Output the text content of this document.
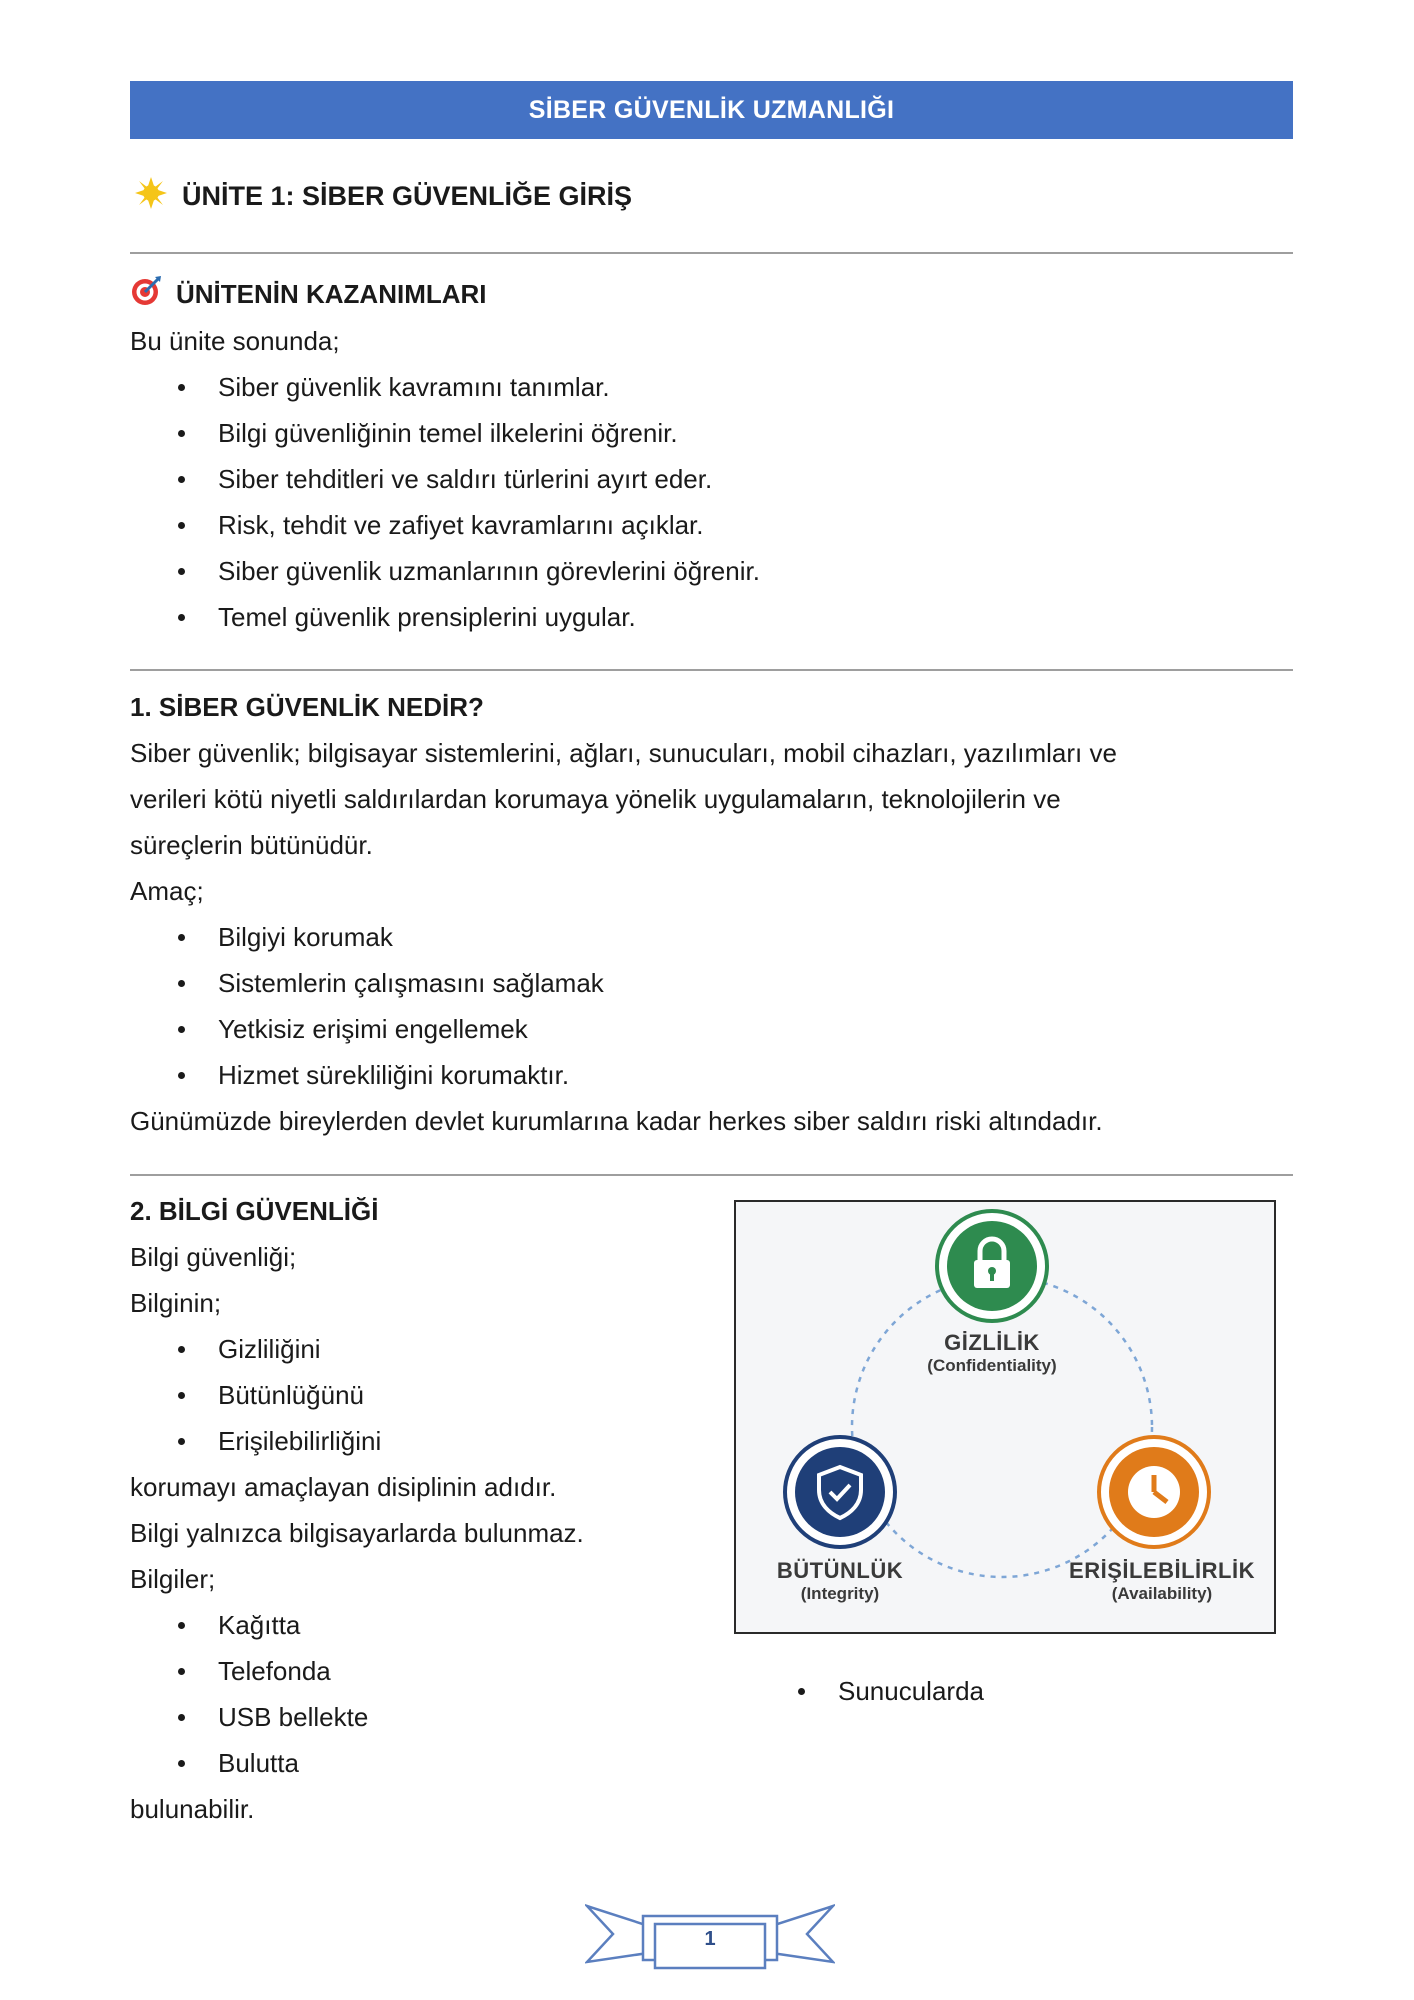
SİBER GÜVENLİK UZMANLIĞI
ÜNİTE 1: SİBER GÜVENLİĞE GİRİŞ
ÜNİTENİN KAZANIMLARI
Bu ünite sonunda;
Siber güvenlik kavramını tanımlar.
Bilgi güvenliğinin temel ilkelerini öğrenir.
Siber tehditleri ve saldırı türlerini ayırt eder.
Risk, tehdit ve zafiyet kavramlarını açıklar.
Siber güvenlik uzmanlarının görevlerini öğrenir.
Temel güvenlik prensiplerini uygular.
1. SİBER GÜVENLİK NEDİR?
Siber güvenlik; bilgisayar sistemlerini, ağları, sunucuları, mobil cihazları, yazılımları ve
verileri kötü niyetli saldırılardan korumaya yönelik uygulamaların, teknolojilerin ve
süreçlerin bütünüdür.
Amaç;
Bilgiyi korumak
Sistemlerin çalışmasını sağlamak
Yetkisiz erişimi engellemek
Hizmet sürekliliğini korumaktır.
Günümüzde bireylerden devlet kurumlarına kadar herkes siber saldırı riski altındadır.
2. BİLGİ GÜVENLİĞİ
Bilgi güvenliği;
Bilginin;
Gizliliğini
Bütünlüğünü
Erişilebilirliğini
korumayı amaçlayan disiplinin adıdır.
Bilgi yalnızca bilgisayarlarda bulunmaz.
Bilgiler;
Kağıtta
Telefonda
USB bellekte
Bulutta
Sunucularda
bulunabilir.
GİZLİLİK
(Confidentiality)
BÜTÜNLÜK
(Integrity)
ERİŞİLEBİLİRLİK
(Availability)
1
